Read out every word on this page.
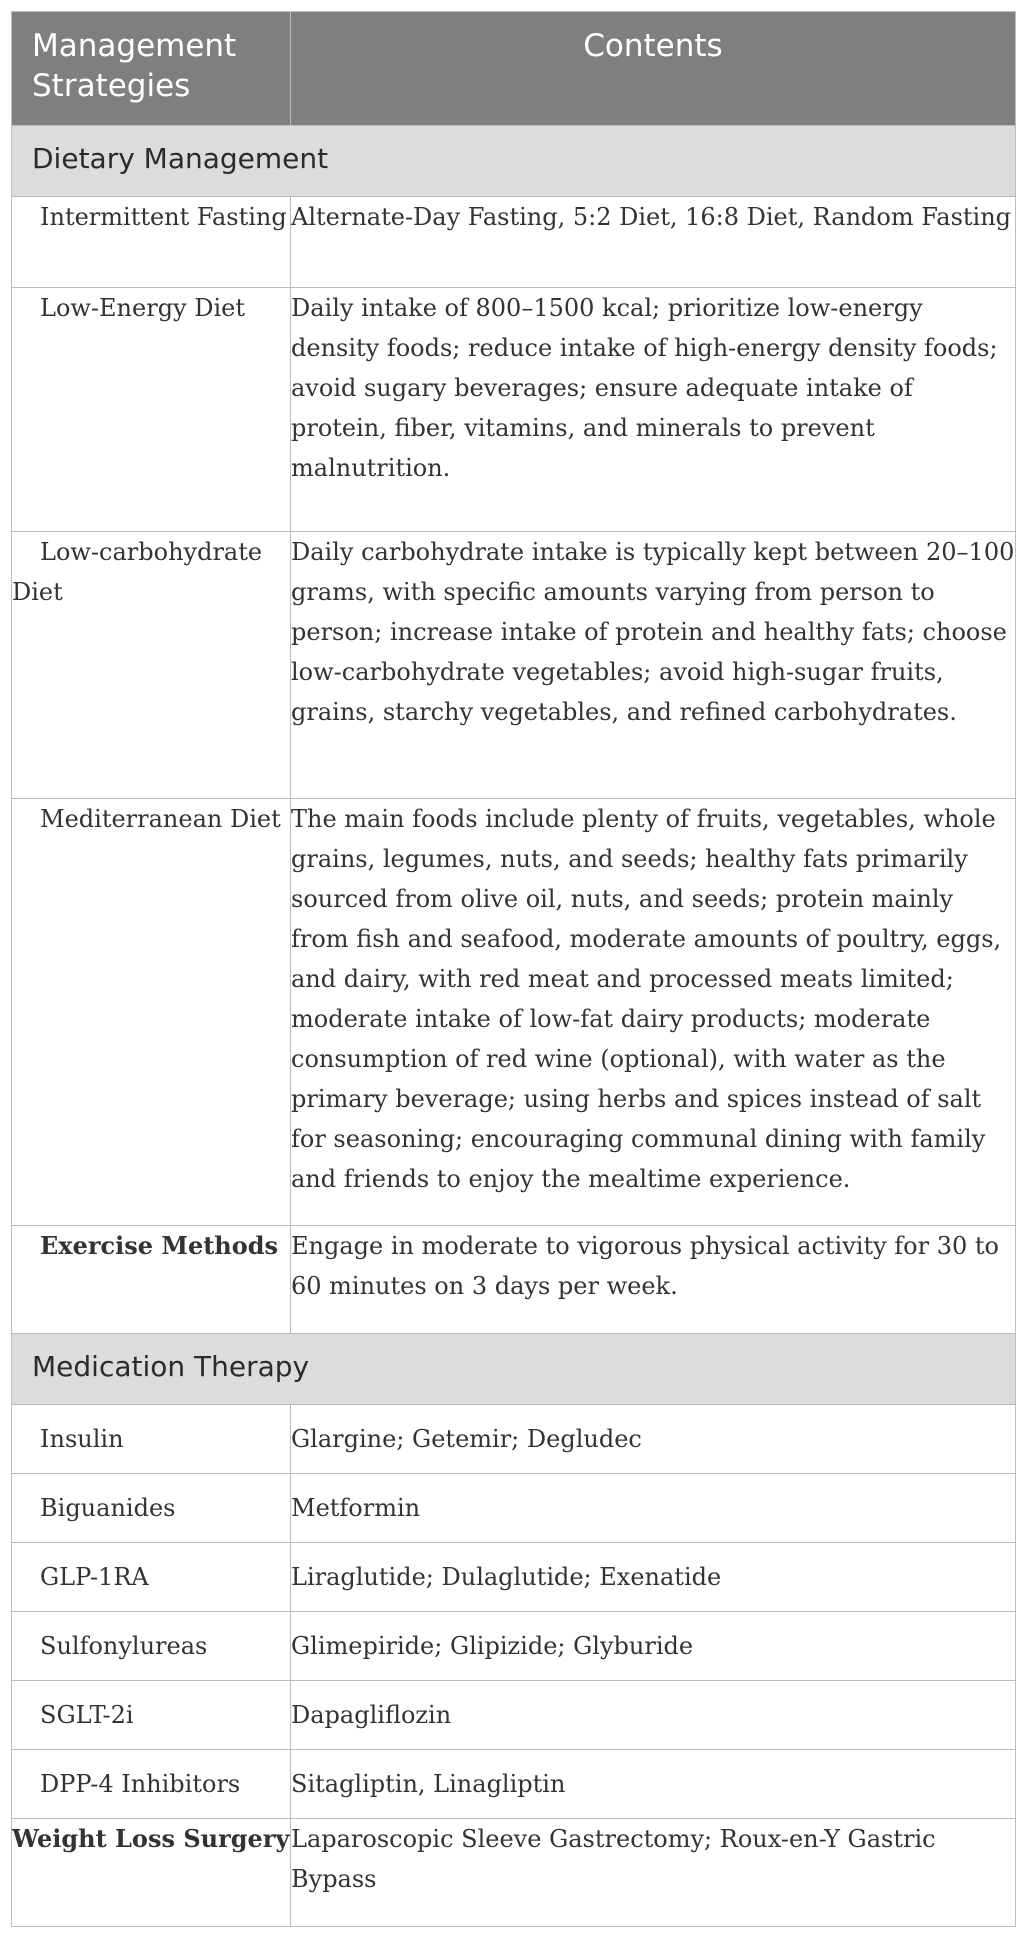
Management Strategies	Contents
Dietary Management	
Intermittent Fasting	Alternate-Day Fasting, 5:2 Diet, 16:8 Diet, Random Fasting
Low-Energy Diet	Daily intake of 800–1500 kcal; prioritize low-energy density foods; reduce intake of high-energy density foods; avoid sugary beverages; ensure adequate intake of protein, fiber, vitamins, and minerals to prevent malnutrition.
Low-carbohydrate Diet	Daily carbohydrate intake is typically kept between 20–100 grams, with specific amounts varying from person to person; increase intake of protein and healthy fats; choose low-carbohydrate vegetables; avoid high-sugar fruits, grains, starchy vegetables, and refined carbohydrates.
Mediterranean Diet	The main foods include plenty of fruits, vegetables, whole grains, legumes, nuts, and seeds; healthy fats primarily sourced from olive oil, nuts, and seeds; protein mainly from fish and seafood, moderate amounts of poultry, eggs, and dairy, with red meat and processed meats limited; moderate intake of low-fat dairy products; moderate consumption of red wine (optional), with water as the primary beverage; using herbs and spices instead of salt for seasoning; encouraging communal dining with family and friends to enjoy the mealtime experience.
Exercise Methods	Engage in moderate to vigorous physical activity for 30 to 60 minutes on 3 days per week.
Medication Therapy	
Insulin	Glargine; Getemir; Degludec
Biguanides	Metformin
GLP-1RA	Liraglutide; Dulaglutide; Exenatide
Sulfonylureas	Glimepiride; Glipizide; Glyburide
SGLT-2i	Dapagliflozin
DPP-4 Inhibitors	Sitagliptin, Linagliptin
Weight Loss Surgery	Laparoscopic Sleeve Gastrectomy; Roux-en-Y Gastric Bypass
